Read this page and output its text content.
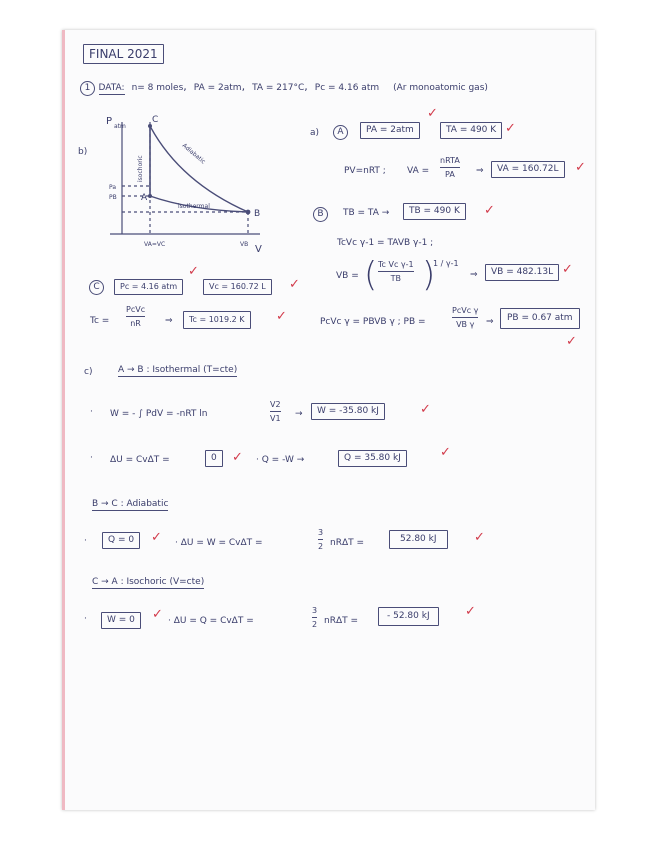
FINAL 2021
1 DATA: n= 8 moles,  PA = 2atm,  TA = 217°C,  Pc = 4.16 atm (Ar monoatomic gas)
b)
P atm
V
C
A
B
Pa
PB
VA=VC	VB
isochoric
Adiabatic
isothermal
a)	A	PA = 2atm
✓
TA = 490 K ✓
PV=nRT ; VA =
nRTA
PA ⇒	VA = 160.72L	✓
B	TB = TA →	TB = 490 K	✓
TcVc γ-1 = TAVB γ-1 ;
VB = ( Tc Vc γ-1
TB )
1 / γ-1
⇒	VB = 482.13L ✓
PcVc γ = PBVB γ ; PB =
PcVc γ
VB γ ⇒	PB = 0.67 atm
✓
C	Pc = 4.16 atm
✓
Vc = 160.72 L	✓
Tc =
PcVc
nR	⇒	Tc = 1019.2 K	✓
c)	A → B : Isothermal (T=cte)
· W = - ∫ PdV = -nRT ln
V2
V1 →	W = -35.80 kJ	✓
· ΔU = CvΔT =	0	✓ · Q = -W →	Q = 35.80 kJ	✓
B → C : Adiabatic
·	Q = 0	✓ · ΔU = W = CvΔT =
3
2 nRΔT =	52.80 kJ	✓
C → A : Isochoric (V=cte)
·	W = 0	✓ · ΔU = Q = CvΔT =
3
2 nRΔT =	- 52.80 kJ	✓
